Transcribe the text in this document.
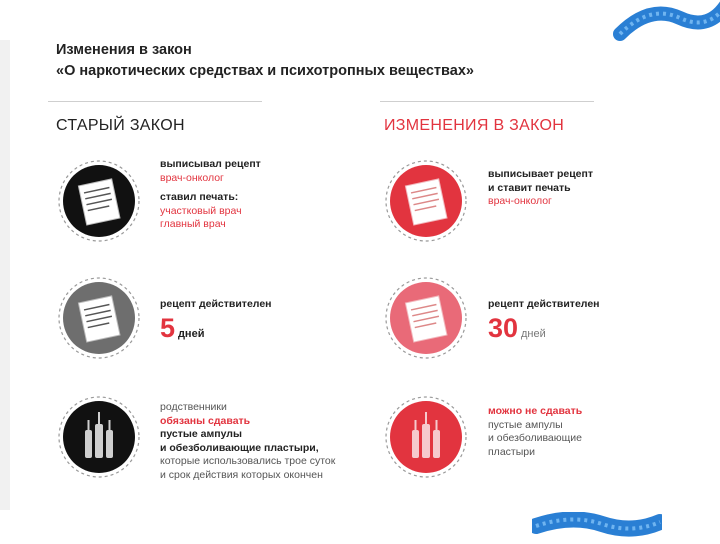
Изменения в закон
«О наркотических средствах и психотропных веществах»
СТАРЫЙ ЗАКОН	ИЗМЕНЕНИЯ В ЗАКОН
выписывал рецепт
врач-онколог
ставил печать:
участковый врач
главный врач
рецепт действителен
5 дней
родственники
обязаны сдавать
пустые ампулы
и обезболивающие пластыри,
которые использовались трое суток
и срок действия которых окончен
выписывает рецепт
и ставит печать
врач-онколог
рецепт действителен
30 дней
можно не сдавать
пустые ампулы
и обезболивающие
пластыри
